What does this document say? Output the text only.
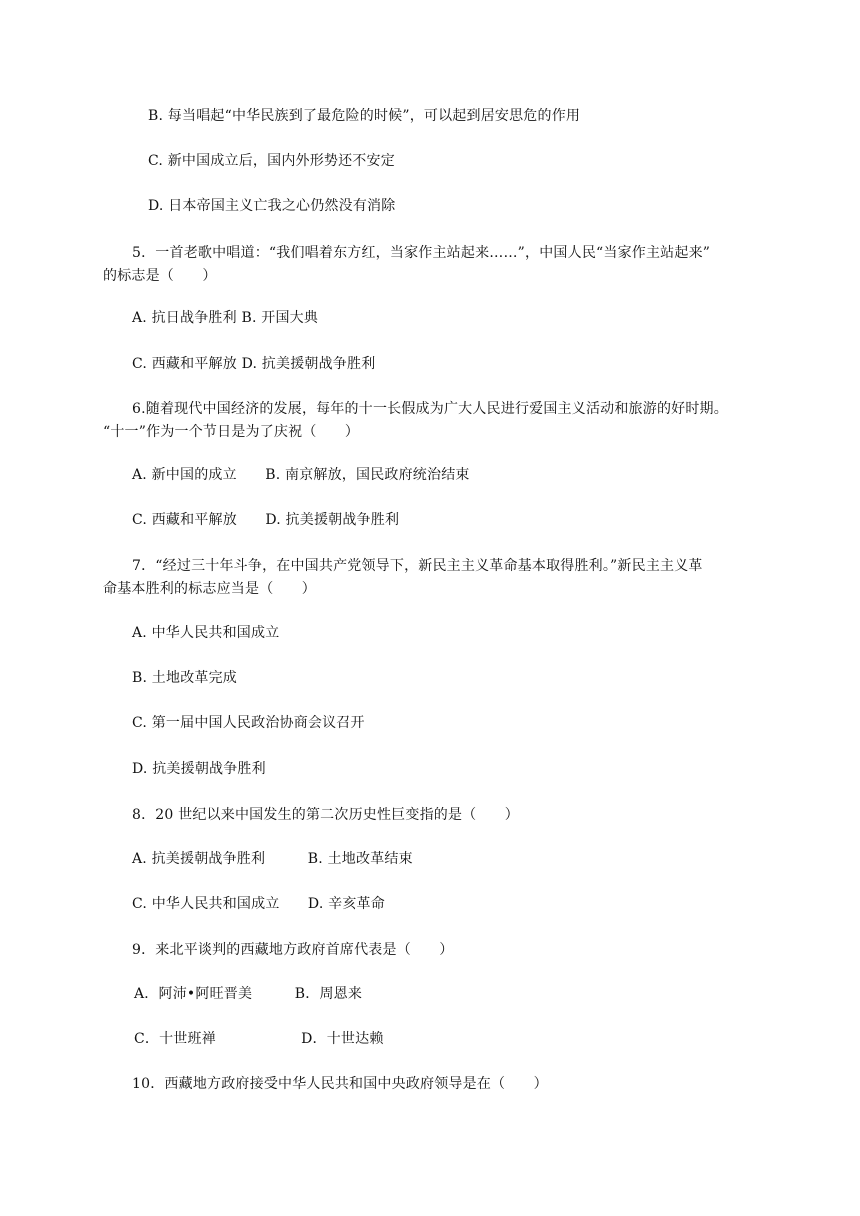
B. 每当唱起“中华民族到了最危险的时候”，可以起到居安思危的作用
C. 新中国成立后，国内外形势还不安定
D. 日本帝国主义亡我之心仍然没有消除
5．一首老歌中唱道：“我们唱着东方红，当家作主站起来……”，中国人民“当家作主站起来”
的标志是（　　）
A. 抗日战争胜利 B. 开国大典
C. 西藏和平解放 D. 抗美援朝战争胜利
6.随着现代中国经济的发展，每年的十一长假成为广大人民进行爱国主义活动和旅游的好时期。
“十一”作为一个节日是为了庆祝（　　）
A. 新中国的成立　　B. 南京解放，国民政府统治结束
C. 西藏和平解放　　D. 抗美援朝战争胜利
7．“经过三十年斗争，在中国共产党领导下，新民主主义革命基本取得胜利。”新民主主义革
命基本胜利的标志应当是（　　）
A. 中华人民共和国成立
B. 土地改革完成
C. 第一届中国人民政治协商会议召开
D. 抗美援朝战争胜利
8．20 世纪以来中国发生的第二次历史性巨变指的是（　　）
A. 抗美援朝战争胜利　　　B. 土地改革结束
C. 中华人民共和国成立　　D. 辛亥革命
9．来北平谈判的西藏地方政府首席代表是（　　）
A．阿沛•阿旺晋美　　　B．周恩来
C．十世班禅　　　　　　D．十世达赖
10．西藏地方政府接受中华人民共和国中央政府领导是在（　　）
